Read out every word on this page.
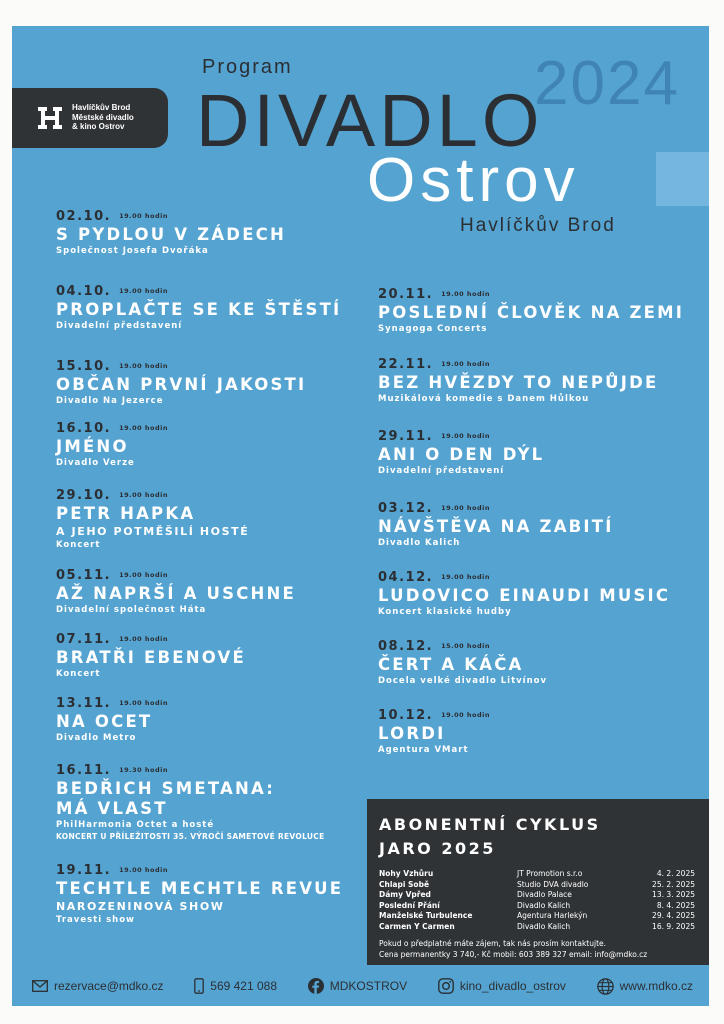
Havlíčkův Brod
Městské divadlo
& kino Ostrov
Program	2024
DIVADLO
Ostrov
Havlíčkův Brod
02.10. 19.00 hodin
S PYDLOU V ZÁDECH
Společnost Josefa Dvořáka
04.10. 19.00 hodin
PROPLAČTE SE KE ŠTĚSTÍ
Divadelní představení
15.10. 19.00 hodin
OBČAN PRVNÍ JAKOSTI
Divadlo Na Jezerce
16.10. 19.00 hodin
JMÉNO
Divadlo Verze
29.10. 19.00 hodin
PETR HAPKA
A JEHO POTMĚŠILÍ HOSTÉ
Koncert
05.11. 19.00 hodin
AŽ NAPRŠÍ A USCHNE
Divadelní společnost Háta
07.11. 19.00 hodin
BRATŘI EBENOVÉ
Koncert
13.11. 19.00 hodin
NA OCET
Divadlo Metro
16.11. 19.30 hodin
BEDŘICH SMETANA:
MÁ VLAST
PhilHarmonia Octet a hosté
KONCERT U PŘÍLEŽITOSTI 35. VÝROČÍ SAMETOVÉ REVOLUCE
19.11. 19.00 hodin
TECHTLE MECHTLE REVUE
NAROZENINOVÁ SHOW
Travesti show
20.11. 19.00 hodin
POSLEDNÍ ČLOVĚK NA ZEMI
Synagoga Concerts
22.11. 19.00 hodin
BEZ HVĚZDY TO NEPŮJDE
Muzikálová komedie s Danem Hůlkou
29.11. 19.00 hodin
ANI O DEN DÝL
Divadelní představení
03.12. 19.00 hodin
NÁVŠTĚVA NA ZABITÍ
Divadlo Kalich
04.12. 19.00 hodin
LUDOVICO EINAUDI MUSIC
Koncert klasické hudby
08.12. 15.00 hodin
ČERT A KÁČA
Docela velké divadlo Litvínov
10.12. 19.00 hodin
LORDI
Agentura VMart
ABONENTNÍ CYKLUS
JARO 2025
Nohy Vzhůru	JT Promotion s.r.o	4. 2. 2025
Chlapi Sobě	Studio DVA divadlo	25. 2. 2025
Dámy Vpřed	Divadlo Palace	13. 3. 2025
Poslední Přání	Divadlo Kalich	8. 4. 2025
Manželské Turbulence	Agentura Harlekýn	29. 4. 2025
Carmen Y Carmen	Divadlo Kalich	16. 9. 2025
Pokud o předplatné máte zájem, tak nás prosím kontaktujte.
Cena permanentky 3 740,- Kč mobil: 603 389 327 email: info@mdko.cz
rezervace@mdko.cz	569 421 088	MDKOSTROV	kino_divadlo_ostrov	www.mdko.cz
